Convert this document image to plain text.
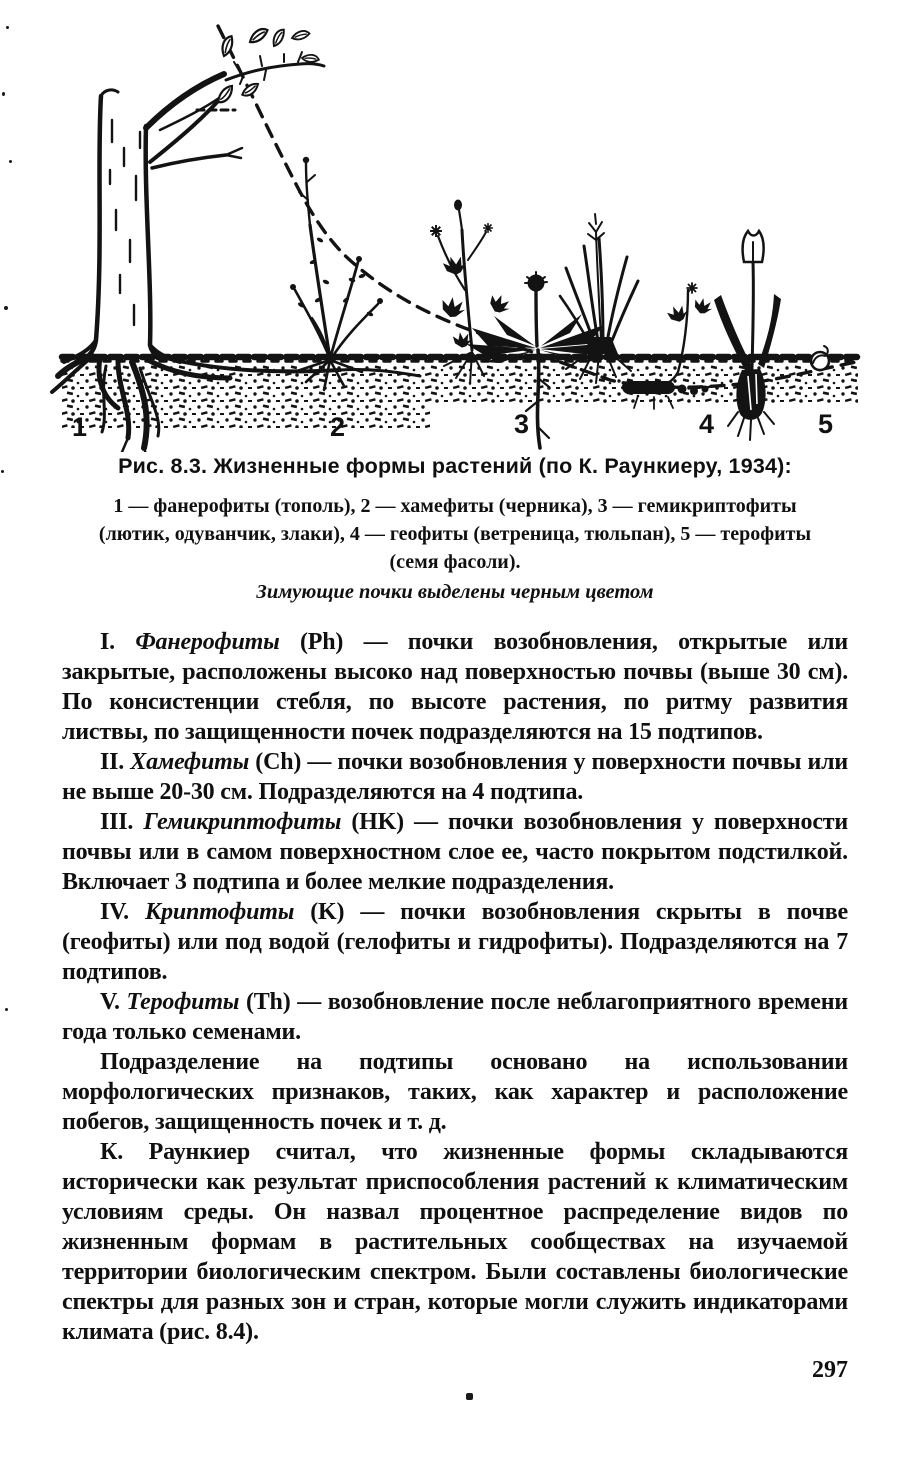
1	2	3	4	5
Рис. 8.3. Жизненные формы растений (по К. Раункиеру, 1934):
1 — фанерофиты (тополь), 2 — хамефиты (черника), 3 — гемикриптофиты
(лютик, одуванчик, злаки), 4 — геофиты (ветреница, тюльпан), 5 — терофиты
(семя фасоли).
Зимующие почки выделены черным цветом

I. Фанерофиты (Ph) — почки возобновления, открытые или закрытые, расположены высоко над поверхностью почвы (выше 30 см). По консистенции стебля, по высоте растения, по ритму развития листвы, по защищенности почек подразделяются на 15 подтипов.

II. Хамефиты (Ch) — почки возобновления у поверхности почвы или не выше 20-30 см. Подразделяются на 4 подтипа.

III. Гемикриптофиты (HK) — почки возобновления у поверхности почвы или в самом поверхностном слое ее, часто покрытом подстилкой. Включает 3 подтипа и более мелкие подразделения.

IV. Криптофиты (K) — почки возобновления скрыты в почве (геофиты) или под водой (гелофиты и гидрофиты). Подразделяются на 7 подтипов.

V. Терофиты (Th) — возобновление после неблагоприятного времени года только семенами.

Подразделение на подтипы основано на использовании морфологических признаков, таких, как характер и расположение побегов, защищенность почек и т. д.

К. Раункиер считал, что жизненные формы складываются исторически как результат приспособления растений к климатическим условиям среды. Он назвал процентное распределение видов по жизненным формам в растительных сообществах на изучаемой территории биологическим спектром. Были составлены биологические спектры для разных зон и стран, которые могли служить индикаторами климата (рис. 8.4).

297
